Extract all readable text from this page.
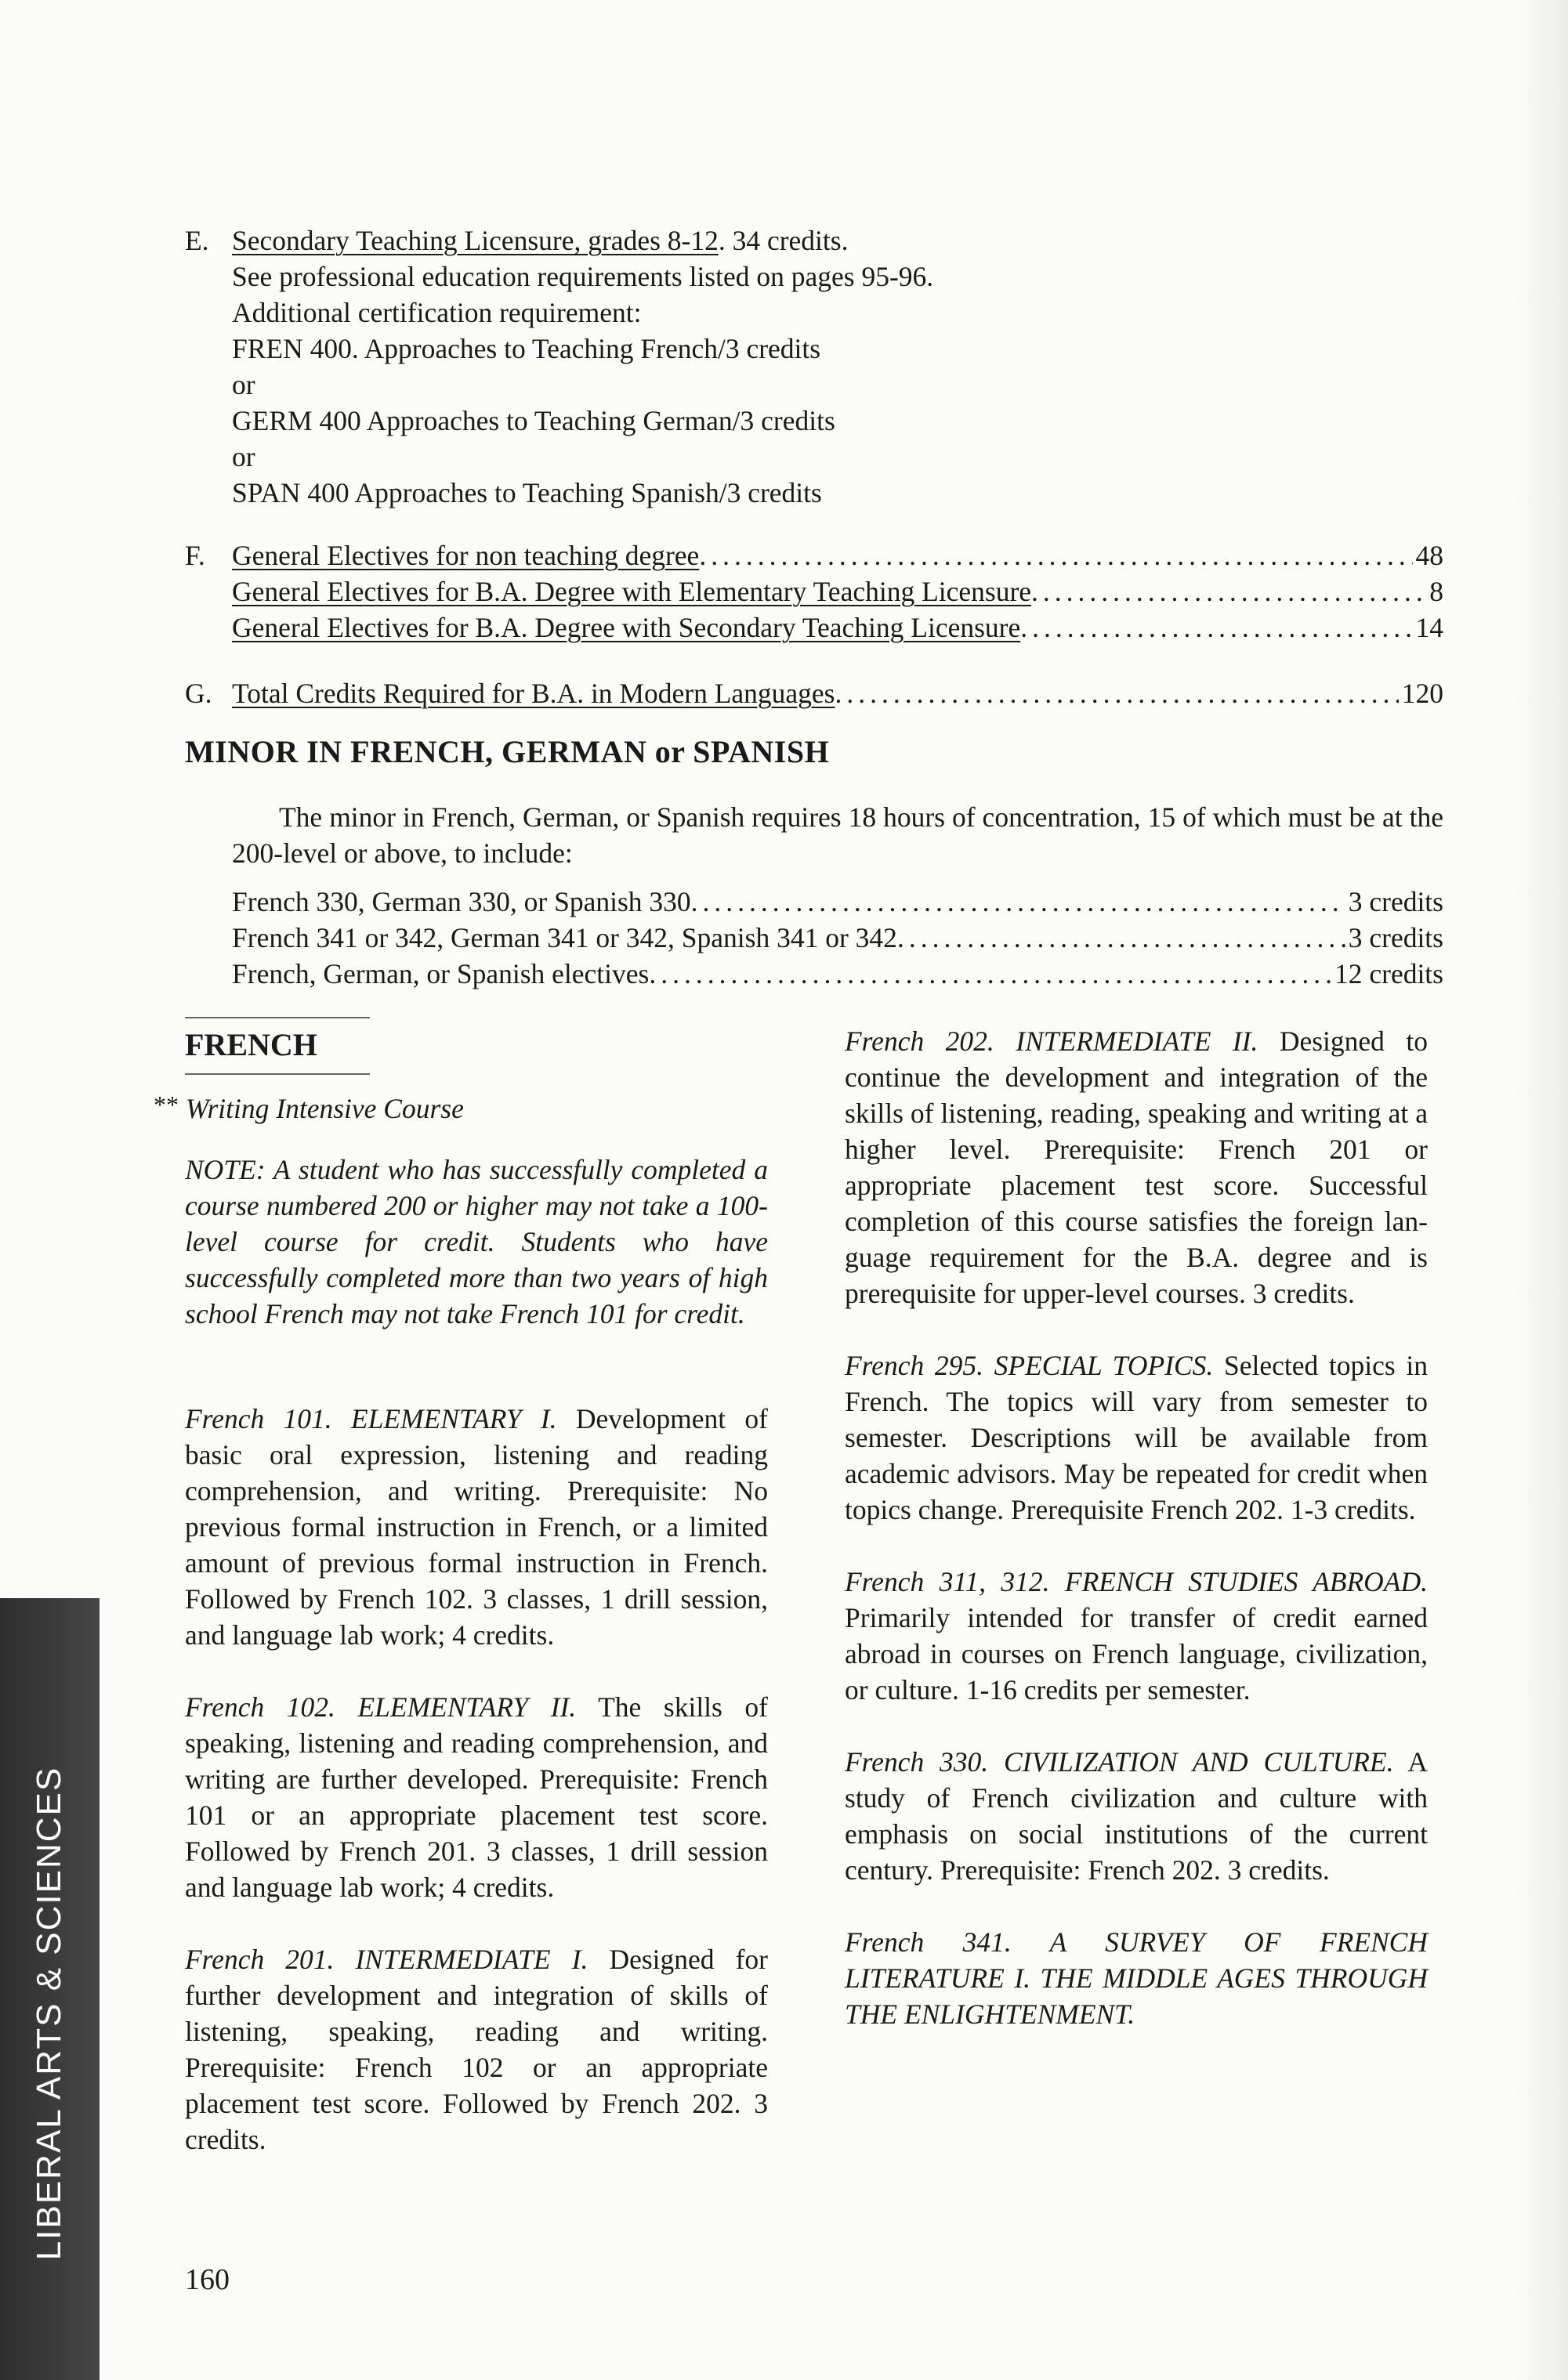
E. Secondary Teaching Licensure, grades 8-12. 34 credits.
See professional education requirements listed on pages 95-96.
Additional certification requirement:
FREN 400. Approaches to Teaching French/3 credits
or
GERM 400 Approaches to Teaching German/3 credits
or
SPAN 400 Approaches to Teaching Spanish/3 credits
F. General Electives for non teaching degree .....	48
General Electives for B.A. Degree with Elementary Teaching Licensure .....	8
General Electives for B.A. Degree with Secondary Teaching Licensure .....	14
G. Total Credits Required for B.A. in Modern Languages .....	120
MINOR IN FRENCH, GERMAN or SPANISH
The minor in French, German, or Spanish requires 18 hours of concentration, 15 of which must be at the 200-level or above, to include:
French 330, German 330, or Spanish 330 .....	3 credits
French 341 or 342, German 341 or 342, Spanish 341 or 342 .....	3 credits
French, German, or Spanish electives .....	12 credits
FRENCH
** Writing Intensive Course
NOTE: A student who has successfully completed a course numbered 200 or higher may not take a 100-level course for credit. Students who have successfully completed more than two years of high school French may not take French 101 for credit.

French 101. ELEMENTARY I. Development of basic oral expression, listening and reading comprehension, and writing. Prerequisite: No previous formal instruction in French, or a limited amount of previous formal instruction in French. Followed by French 102. 3 classes, 1 drill session, and language lab work; 4 credits.

French 102. ELEMENTARY II. The skills of speaking, listening and reading comprehension, and writing are further developed. Prerequisite: French 101 or an appropriate placement test score. Followed by French 201. 3 classes, 1 drill session and language lab work; 4 credits.

French 201. INTERMEDIATE I. Designed for further development and integration of skills of listening, speaking, reading and writing. Prerequisite: French 102 or an appropriate placement test score. Followed by French 202. 3 credits.

French 202. INTERMEDIATE II. Designed to continue the development and integration of the skills of listening, reading, speaking and writing at a higher level. Prerequisite: French 201 or appropriate placement test score. Successful completion of this course satisfies the foreign language requirement for the B.A. degree and is prerequisite for upper-level courses. 3 credits.

French 295. SPECIAL TOPICS. Selected topics in French. The topics will vary from semester to semester. Descriptions will be available from academic advisors. May be repeated for credit when topics change. Prerequisite French 202. 1-3 credits.

French 311, 312. FRENCH STUDIES ABROAD. Primarily intended for transfer of credit earned abroad in courses on French language, civilization, or culture. 1-16 credits per semester.

French 330. CIVILIZATION AND CULTURE. A study of French civilization and culture with emphasis on social institutions of the current century. Prerequisite: French 202. 3 credits.

French 341. A SURVEY OF FRENCH LITERATURE I. THE MIDDLE AGES THROUGH THE ENLIGHTENMENT.

LIBERAL ARTS & SCIENCES
160
